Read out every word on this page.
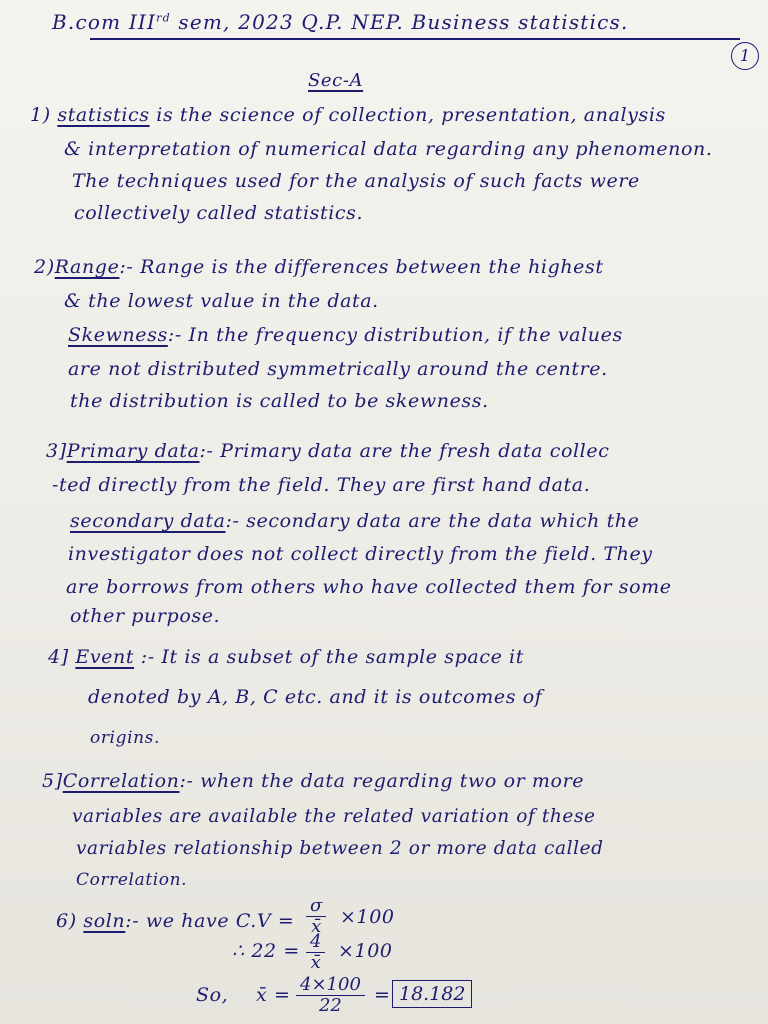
B.com IIIrd sem, 2023 Q.P. NEP. Business statistics.
1
Sec-A
1) statistics is the science of collection, presentation, analysis
& interpretation of numerical data regarding any phenomenon.
The techniques used for the analysis of such facts were
collectively called statistics.
2)Range:- Range is the differences between the highest
& the lowest value in the data.
Skewness:- In the frequency distribution, if the values
are not distributed symmetrically around the centre.
the distribution is called to be skewness.
3]Primary data:- Primary data are the fresh data collec
-ted directly from the field. They are first hand data.
secondary data:- secondary data are the data which the
investigator does not collect directly from the field. They
are borrows from others who have collected them for some
other purpose.
4] Event :- It is a subset of the sample space it
denoted by A, B, C etc. and it is outcomes of
origins.
5]Correlation:- when the data regarding two or more
variables are available the related variation of these
variables relationship between 2 or more data called
Correlation.
6) soln:- we have $C.V = \frac{\sigma}{x̄} \times 100$
∴ $22 = \frac{4}{x̄} \times 100$
So, x̄ = $\frac{4\times 100}{22} = 18.182$
